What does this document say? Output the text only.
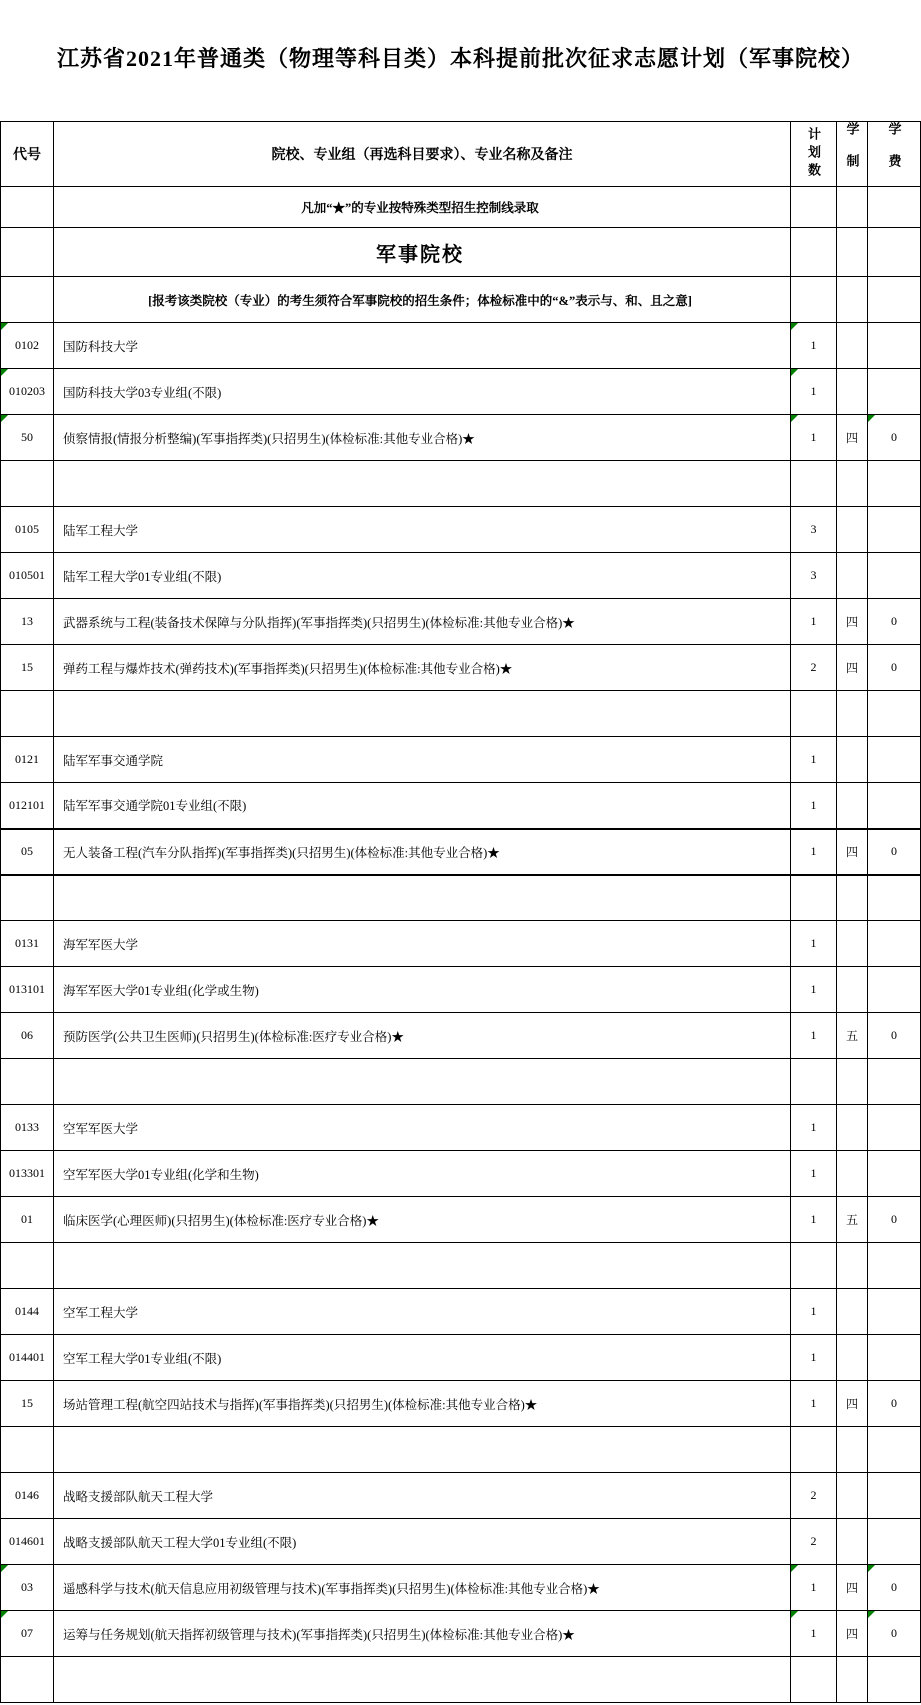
江苏省2021年普通类（物理等科目类）本科提前批次征求志愿计划（军事院校）
代号	院校、专业组（再选科目要求）、专业名称及备注	计划数	学制	学费
	凡加“★”的专业按特殊类型招生控制线录取			
	军事院校			
	[报考该类院校（专业）的考生须符合军事院校的招生条件；体检标准中的“&”表示与、和、且之意]			

0102	国防科技大学	1		

010203	国防科技大学03专业组(不限)	1		

50	侦察情报(情报分析整编)(军事指挥类)(只招男生)(体检标准:其他专业合格)★	1	四	0

0105	陆军工程大学	3		
010501	陆军工程大学01专业组(不限)	3		
13	武器系统与工程(装备技术保障与分队指挥)(军事指挥类)(只招男生)(体检标准:其他专业合格)★	1	四	0
15	弹药工程与爆炸技术(弹药技术)(军事指挥类)(只招男生)(体检标准:其他专业合格)★	2	四	0

0121	陆军军事交通学院	1		
012101	陆军军事交通学院01专业组(不限)	1		
05	无人装备工程(汽车分队指挥)(军事指挥类)(只招男生)(体检标准:其他专业合格)★	1	四	0

0131	海军军医大学	1		
013101	海军军医大学01专业组(化学或生物)	1		
06	预防医学(公共卫生医师)(只招男生)(体检标准:医疗专业合格)★	1	五	0

0133	空军军医大学	1		
013301	空军军医大学01专业组(化学和生物)	1		
01	临床医学(心理医师)(只招男生)(体检标准:医疗专业合格)★	1	五	0

0144	空军工程大学	1		
014401	空军工程大学01专业组(不限)	1		
15	场站管理工程(航空四站技术与指挥)(军事指挥类)(只招男生)(体检标准:其他专业合格)★	1	四	0

0146	战略支援部队航天工程大学	2		
014601	战略支援部队航天工程大学01专业组(不限)	2		

03	遥感科学与技术(航天信息应用初级管理与技术)(军事指挥类)(只招男生)(体检标准:其他专业合格)★	1	四	0

07	运筹与任务规划(航天指挥初级管理与技术)(军事指挥类)(只招男生)(体检标准:其他专业合格)★	1	四	0
